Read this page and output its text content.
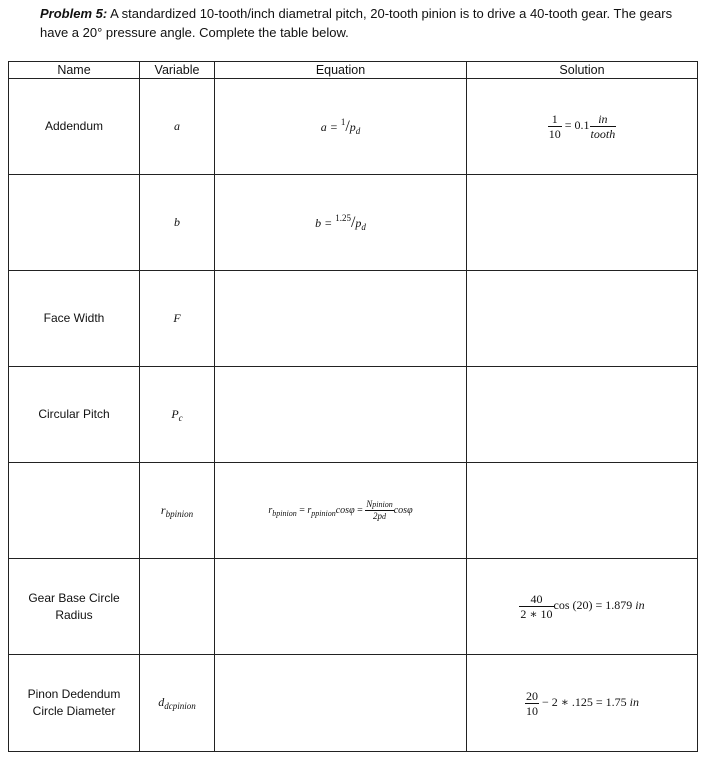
Problem 5: A standardized 10-tooth/inch diametral pitch, 20-tooth pinion is to drive a 40-tooth gear. The gears have a 20° pressure angle. Complete the table below.
Name	Variable	Equation	Solution
Addendum	a	$a = ^1/p_d$	$\frac{1}{10} = 0.1 \frac{in}{\text{tooth}}$

	b	$b = ^{1.25}/p_d$	
Face Width	F		
Circular Pitch	$P_c$		
	$r_{bpinion}$	$r_{bpinion} = r_{ppinion}\cos\varphi = \frac{\text{Npinion}}{2pd}$ cosφ	
Gear Base Circle Radius			$\frac{40}{2 ∗ 10}$ cos (20) = 1.879 in
Pinon Dedendum Circle Diameter	$d_{dcpinion}$		$\frac{20}{10} - 2$ ∗ .125 = 1.75 in
